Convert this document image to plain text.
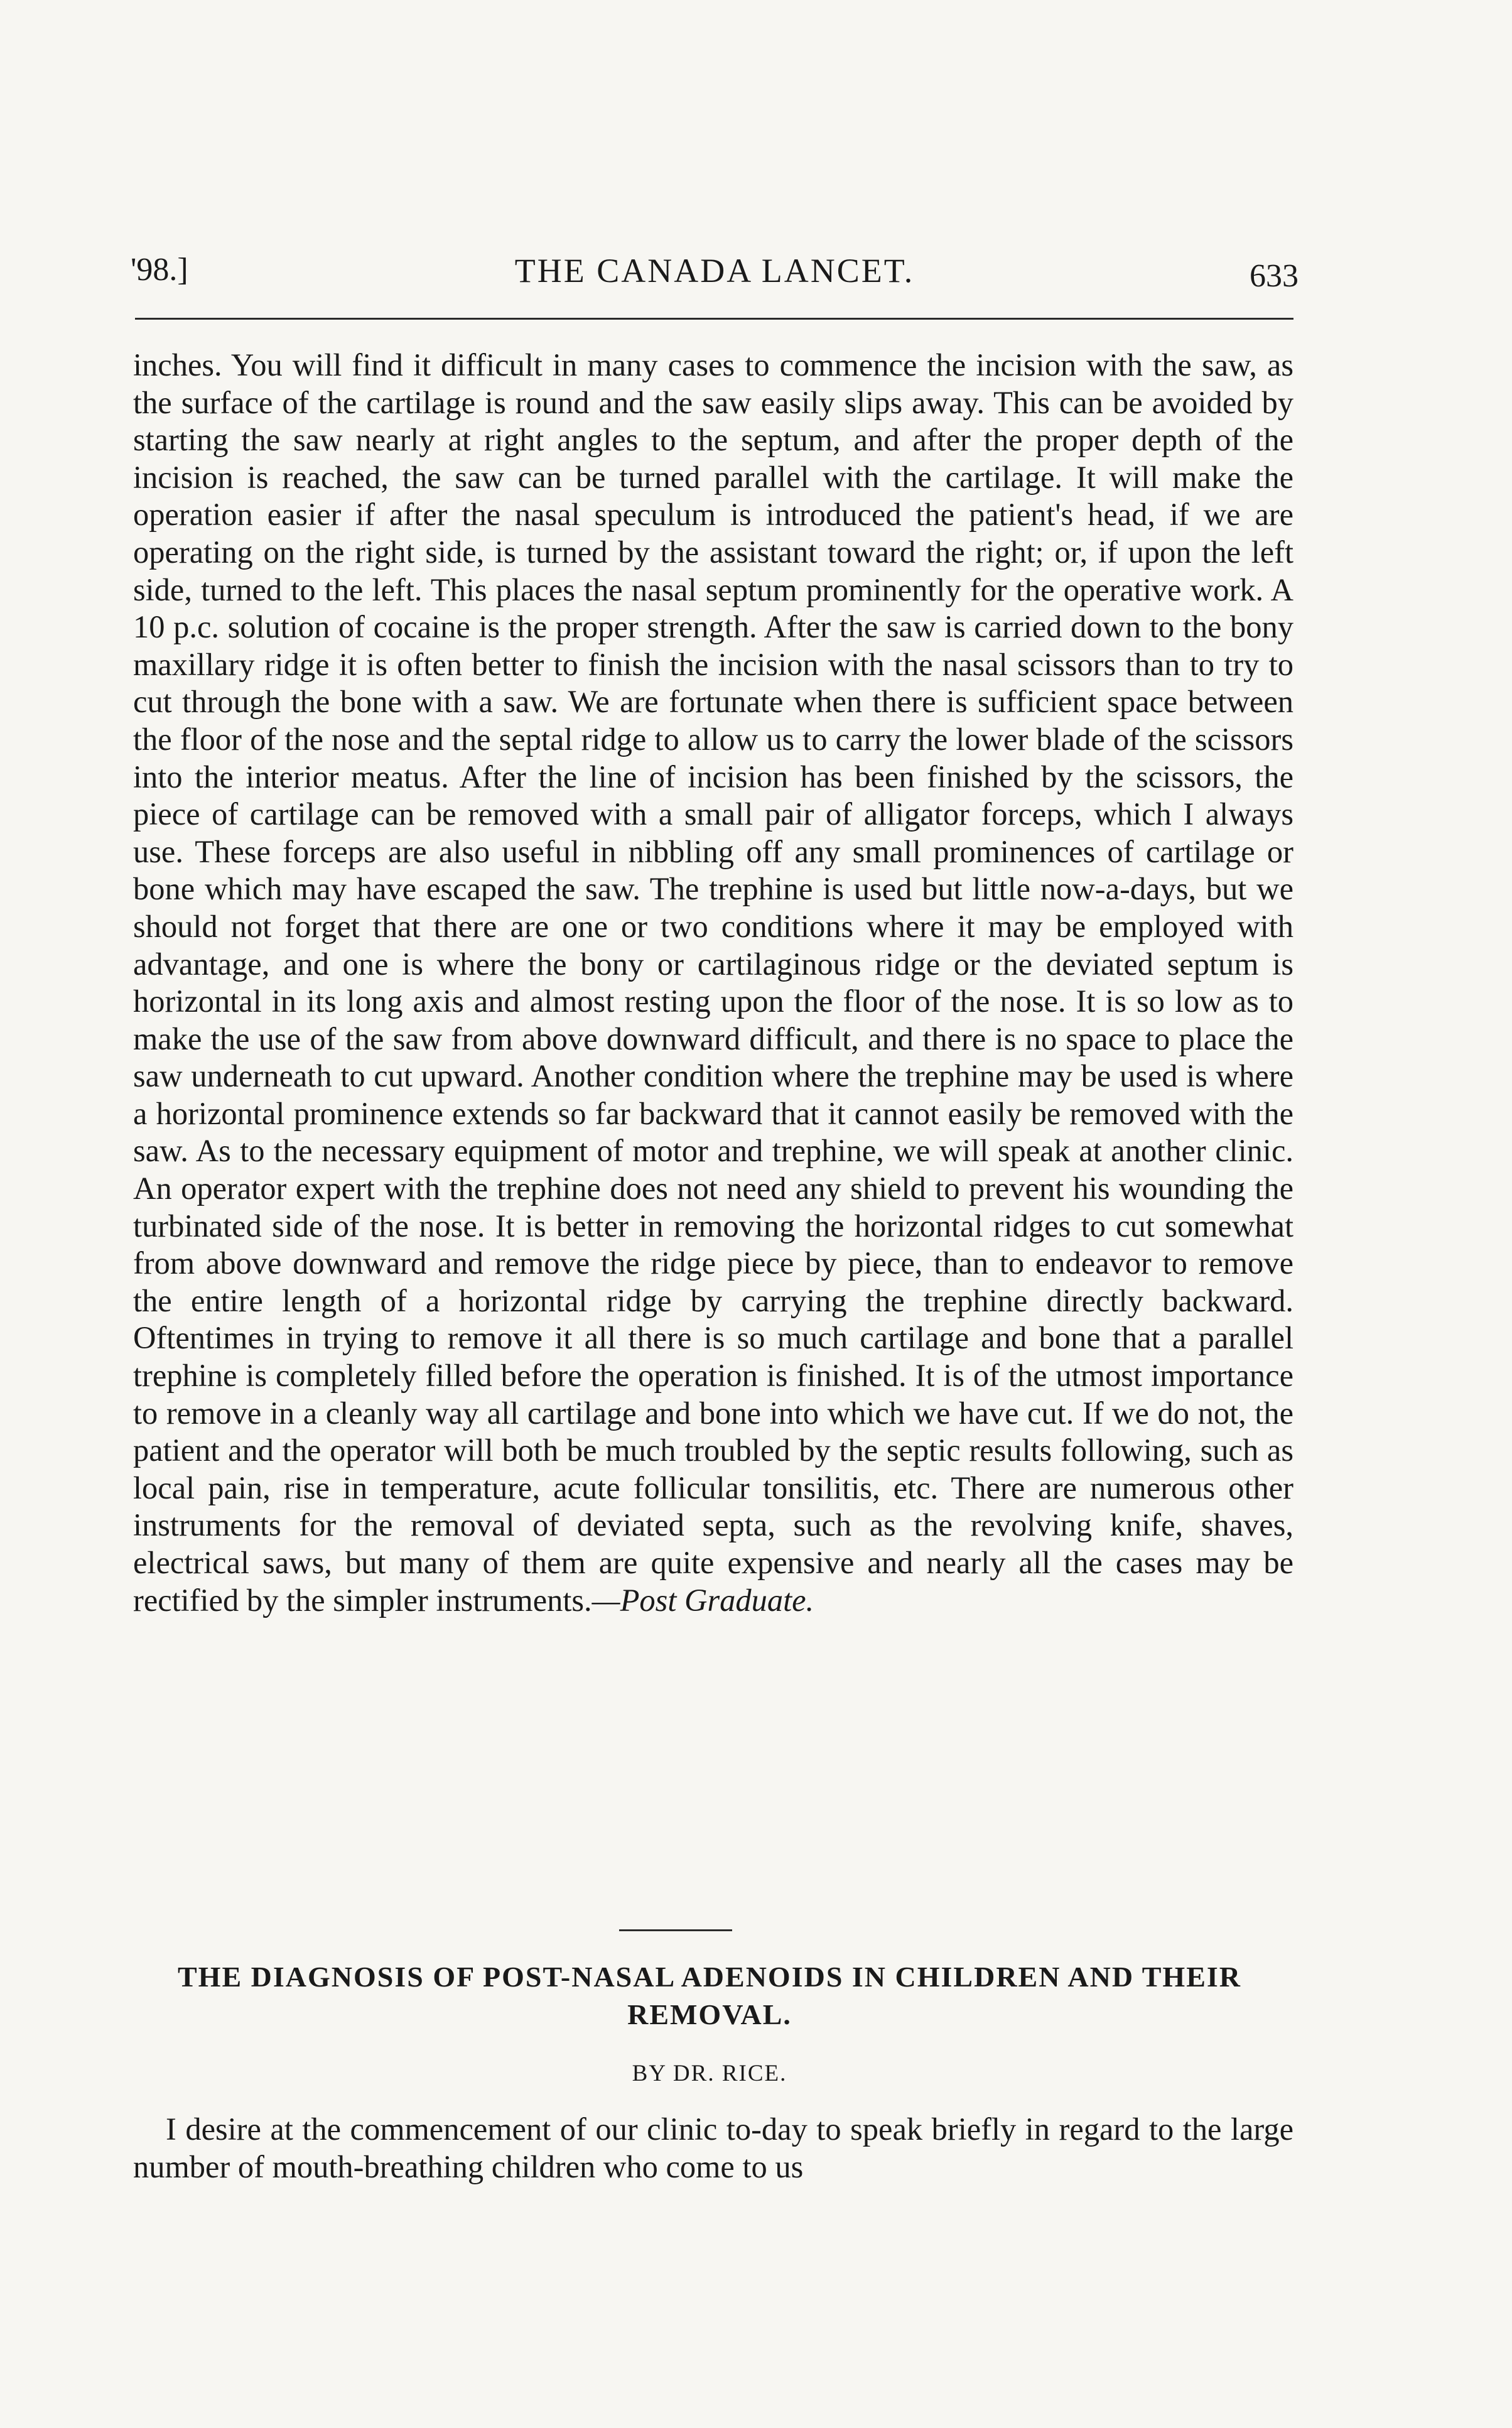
'98.]	THE CANADA LANCET.	633

inches. You will find it difficult in many cases to commence the incision with the saw, as the surface of the cartilage is round and the saw easily slips away. This can be avoided by starting the saw nearly at right angles to the septum, and after the proper depth of the incision is reached, the saw can be turned parallel with the cartilage. It will make the operation easier if after the nasal speculum is introduced the patient's head, if we are operating on the right side, is turned by the assistant toward the right; or, if upon the left side, turned to the left. This places the nasal septum prominently for the operative work. A 10 p.c. solution of cocaine is the proper strength. After the saw is carried down to the bony maxillary ridge it is often better to finish the incision with the nasal scissors than to try to cut through the bone with a saw. We are fortunate when there is sufficient space between the floor of the nose and the septal ridge to allow us to carry the lower blade of the scissors into the interior meatus. After the line of incision has been finished by the scissors, the piece of cartilage can be removed with a small pair of alligator forceps, which I always use. These forceps are also useful in nibbling off any small prominences of cartilage or bone which may have escaped the saw. The trephine is used but little now-a-days, but we should not forget that there are one or two conditions where it may be employed with advantage, and one is where the bony or cartilaginous ridge or the deviated septum is horizontal in its long axis and almost resting upon the floor of the nose. It is so low as to make the use of the saw from above downward difficult, and there is no space to place the saw underneath to cut upward. Another condition where the trephine may be used is where a horizontal prominence extends so far backward that it cannot easily be removed with the saw. As to the necessary equipment of motor and trephine, we will speak at another clinic. An operator expert with the trephine does not need any shield to prevent his wounding the turbinated side of the nose. It is better in removing the horizontal ridges to cut somewhat from above downward and remove the ridge piece by piece, than to endeavor to remove the entire length of a horizontal ridge by carrying the trephine directly backward. Oftentimes in trying to remove it all there is so much cartilage and bone that a parallel trephine is completely filled before the operation is finished. It is of the utmost importance to remove in a cleanly way all cartilage and bone into which we have cut. If we do not, the patient and the operator will both be much troubled by the septic results following, such as local pain, rise in temperature, acute follicular tonsilitis, etc. There are numerous other instruments for the removal of deviated septa, such as the revolving knife, shaves, electrical saws, but many of them are quite expensive and nearly all the cases may be rectified by the simpler instruments.—Post Graduate.

THE DIAGNOSIS OF POST-NASAL ADENOIDS IN CHILDREN AND THEIR REMOVAL.
BY DR. RICE.

I desire at the commencement of our clinic to-day to speak briefly in regard to the large number of mouth-breathing children who come to us
